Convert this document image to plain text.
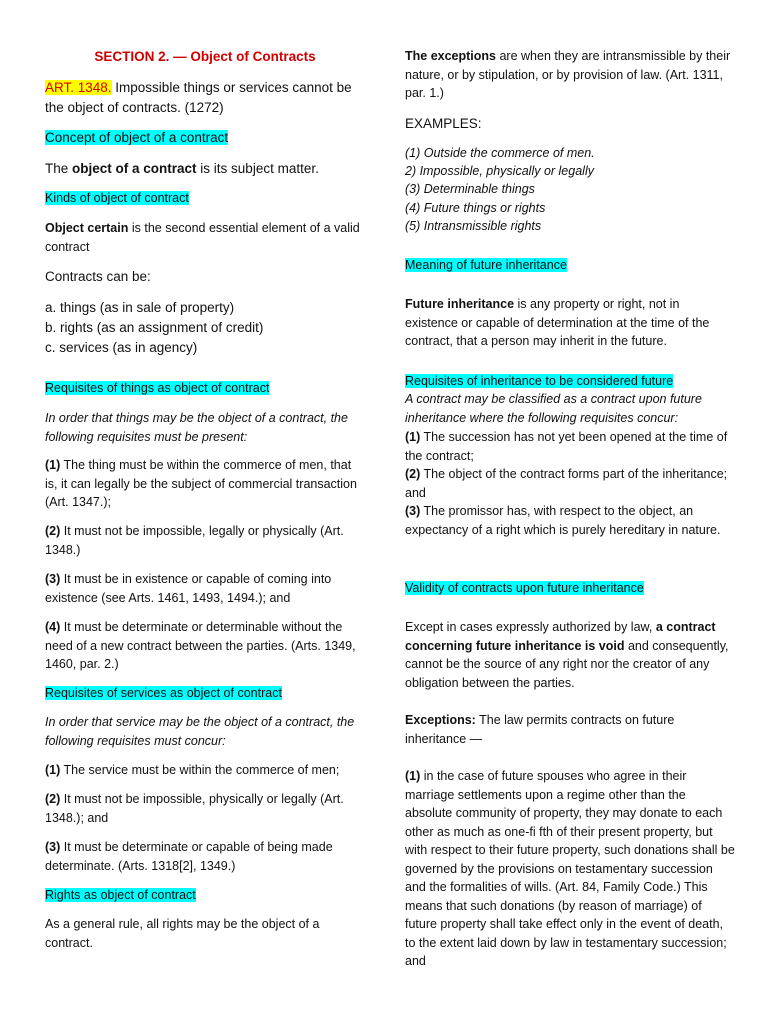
SECTION 2. — Object of Contracts

ART. 1348. Impossible things or services cannot be the object of contracts. (1272)

Concept of object of a contract

The object of a contract is its subject matter.

Kinds of object of contract

Object certain is the second essential element of a valid contract

Contracts can be:

a. things (as in sale of property)

b. rights (as an assignment of credit)

c. services (as in agency)

Requisites of things as object of contract

In order that things may be the object of a contract, the following requisites must be present:

(1) The thing must be within the commerce of men, that is, it can legally be the subject of commercial transaction (Art. 1347.);

(2) It must not be impossible, legally or physically (Art. 1348.)

(3) It must be in existence or capable of coming into existence (see Arts. 1461, 1493, 1494.); and

(4) It must be determinate or determinable without the need of a new contract between the parties. (Arts. 1349, 1460, par. 2.)

Requisites of services as object of contract

In order that service may be the object of a contract, the following requisites must concur:

(1) The service must be within the commerce of men;

(2) It must not be impossible, physically or legally (Art. 1348.); and

(3) It must be determinate or capable of being made determinate. (Arts. 1318[2], 1349.)

Rights as object of contract

As a general rule, all rights may be the object of a contract.

The exceptions are when they are intransmissible by their nature, or by stipulation, or by provision of law. (Art. 1311, par. 1.)

EXAMPLES:

(1) Outside the commerce of men.

2) Impossible, physically or legally

(3) Determinable things

(4) Future things or rights

(5) Intransmissible rights

Meaning of future inheritance

Future inheritance is any property or right, not in existence or capable of determination at the time of the contract, that a person may inherit in the future.

Requisites of inheritance to be considered future

A contract may be classified as a contract upon future inheritance where the following requisites concur:

(1) The succession has not yet been opened at the time of the contract;

(2) The object of the contract forms part of the inheritance; and

(3) The promissor has, with respect to the object, an expectancy of a right which is purely hereditary in nature.

Validity of contracts upon future inheritance

Except in cases expressly authorized by law, a contract concerning future inheritance is void and consequently, cannot be the source of any right nor the creator of any obligation between the parties.

Exceptions: The law permits contracts on future inheritance —

(1) in the case of future spouses who agree in their marriage settlements upon a regime other than the absolute community of property, they may donate to each other as much as one-fi fth of their present property, but with respect to their future property, such donations shall be governed by the provisions on testamentary succession and the formalities of wills. (Art. 84, Family Code.) This means that such donations (by reason of marriage) of future property shall take effect only in the event of death, to the extent laid down by law in testamentary succession; and
